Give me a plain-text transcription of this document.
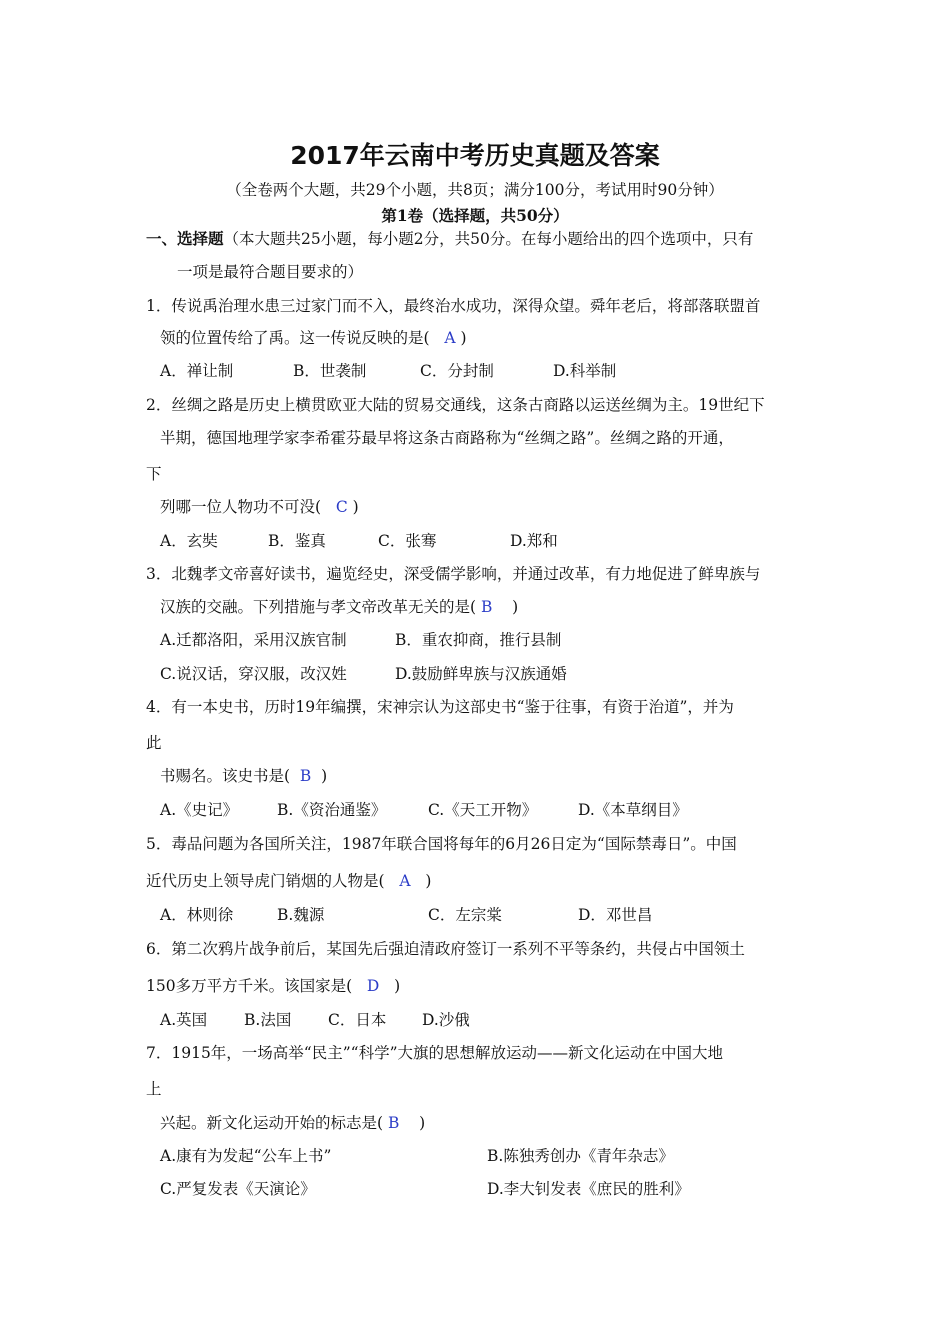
2017年云南中考历史真题及答案
（全卷两个大题，共29个小题，共8页；满分100分，考试用时90分钟）
第1卷（选择题，共50分）
一、选择题（本大题共25小题，每小题2分，共50分。在每小题给出的四个选项中，只有
一项是最符合题目要求的）
1．传说禹治理水患三过家门而不入，最终治水成功，深得众望。舜年老后，将部落联盟首
领的位置传给了禹。这一传说反映的是( A )
A．禅让制	B．世袭制	C．分封制	D.科举制
2．丝绸之路是历史上横贯欧亚大陆的贸易交通线，这条古商路以运送丝绸为主。19世纪下
半期，德国地理学家李希霍芬最早将这条古商路称为“丝绸之路”。丝绸之路的开通，
下
列哪一位人物功不可没( C )
A．玄奘	B．鉴真	C．张骞	D.郑和
3．北魏孝文帝喜好读书，遍览经史，深受儒学影响，并通过改革，有力地促进了鲜卑族与
汉族的交融。下列措施与孝文帝改革无关的是( B )
A.迁都洛阳，采用汉族官制	B．重农抑商，推行县制
C.说汉话，穿汉服，改汉姓	D.鼓励鲜卑族与汉族通婚
4．有一本史书，历时19年编撰，宋神宗认为这部史书“鉴于往事，有资于治道”，并为
此
书赐名。该史书是( B )
A.《史记》	B.《资治通鉴》	C.《天工开物》	D.《本草纲目》
5．毒品问题为各国所关注，1987年联合国将每年的6月26日定为“国际禁毒日”。中国
近代历史上领导虎门销烟的人物是( A )
A．林则徐	B.魏源	C．左宗棠	D．邓世昌
6．第二次鸦片战争前后，某国先后强迫清政府签订一系列不平等条约，共侵占中国领土
150多万平方千米。该国家是( D )
A.英国 B.法国 C．日本 D.沙俄
7．1915年，一场高举“民主”“科学”大旗的思想解放运动——新文化运动在中国大地
上
兴起。新文化运动开始的标志是( B )
A.康有为发起“公车上书”	B.陈独秀创办《青年杂志》
C.严复发表《天演论》	D.李大钊发表《庶民的胜利》
